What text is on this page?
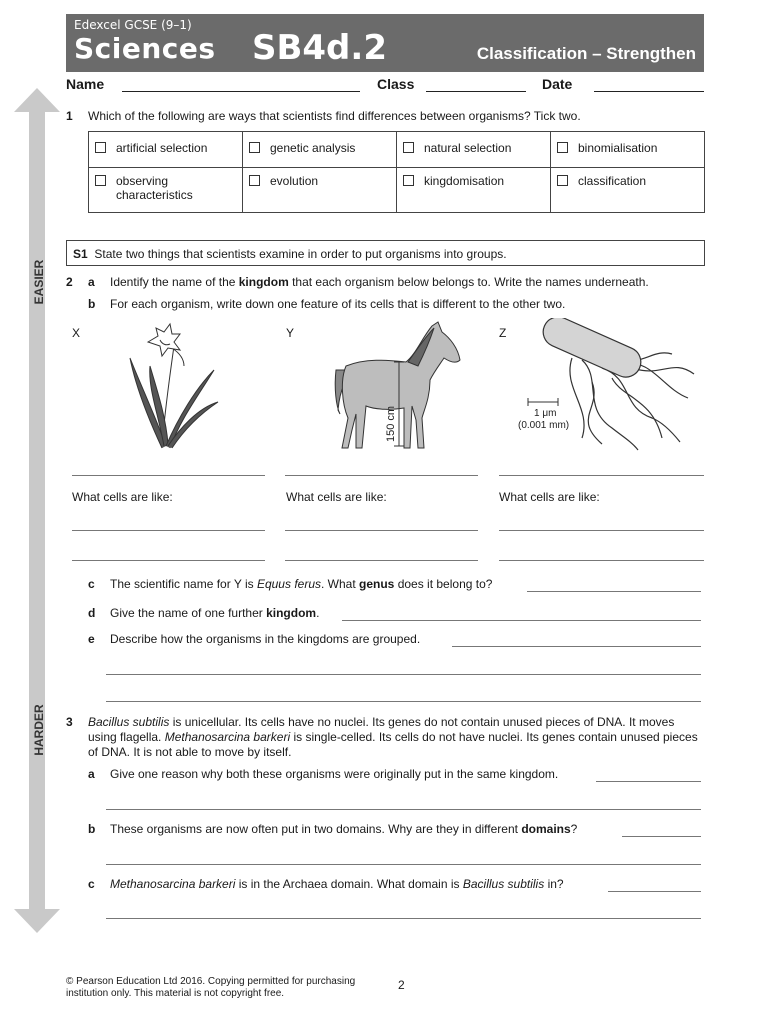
Edexcel GCSE (9–1)
Sciences SB4d.2	Classification – Strengthen
Name	Class	Date
EASIER
HARDER
1 Which of the following are ways that scientists find differences between organisms? Tick two.
artificial selection	genetic analysis	natural selection	binomialisation

observing characteristics	evolution	kingdomisation	classification
S1 State two things that scientists examine in order to put organisms into groups.
2 a Identify the name of the kingdom that each organism below belongs to. Write the names underneath.
b For each organism, write down one feature of its cells that is different to the other two.
X	Y	Z
150 cm	1 μm
(0.001 mm)
What cells are like:	What cells are like:	What cells are like:
c The scientific name for Y is Equus ferus. What genus does it belong to?
d Give the name of one further kingdom.
e Describe how the organisms in the kingdoms are grouped.
3 Bacillus subtilis is unicellular. Its cells have no nuclei. Its genes do not contain unused pieces of DNA. It moves using flagella. Methanosarcina barkeri is single-celled. Its cells do not have nuclei. Its genes contain unused pieces of DNA. It is not able to move by itself.
a Give one reason why both these organisms were originally put in the same kingdom.
b These organisms are now often put in two domains. Why are they in different domains?
c Methanosarcina barkeri is in the Archaea domain. What domain is Bacillus subtilis in?
© Pearson Education Ltd 2016. Copying permitted for purchasing institution only. This material is not copyright free.
2
